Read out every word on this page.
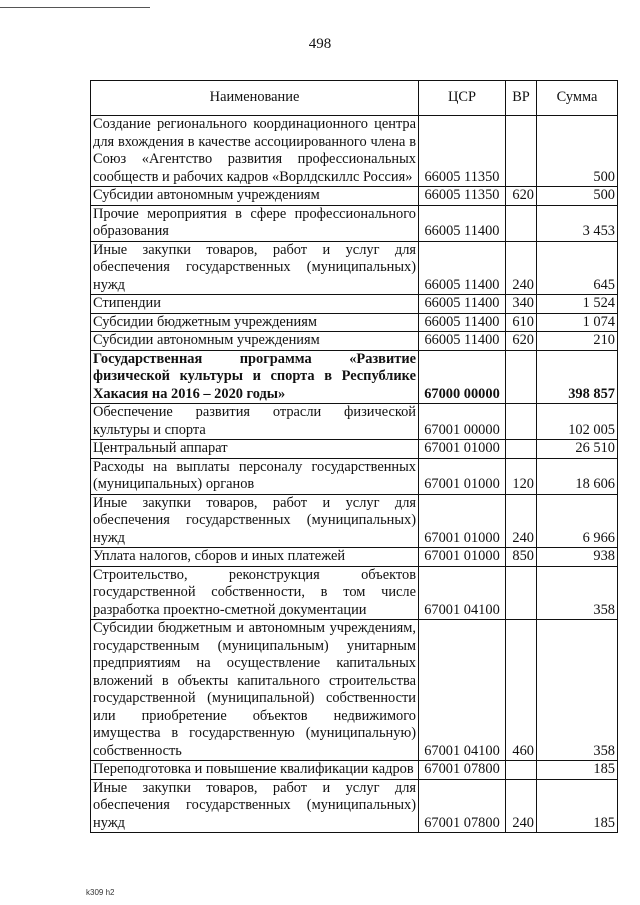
498
Наименование	ЦСР	ВР	Сумма
Создание регионального координационного центра для вхождения в качестве ассоциированного члена в Союз «Агентство развития профессиональных сообществ и рабочих кадров «Ворлдскиллс Россия»	66005 11350		500
Субсидии автономным учреждениям	66005 11350	620	500
Прочие мероприятия в сфере профессионального образования	66005 11400		3 453
Иные закупки товаров, работ и услуг для обеспечения государственных (муниципальных) нужд	66005 11400	240	645
Стипендии	66005 11400	340	1 524
Субсидии бюджетным учреждениям	66005 11400	610	1 074
Субсидии автономным учреждениям	66005 11400	620	210
Государственная программа «Развитие физической культуры и спорта в Республике Хакасия на 2016 – 2020 годы»	67000 00000		398 857
Обеспечение развития отрасли физической культуры и спорта	67001 00000		102 005
Центральный аппарат	67001 01000		26 510
Расходы на выплаты персоналу государственных (муниципальных) органов	67001 01000	120	18 606
Иные закупки товаров, работ и услуг для обеспечения государственных (муниципальных) нужд	67001 01000	240	6 966
Уплата налогов, сборов и иных платежей	67001 01000	850	938
Строительство, реконструкция объектов государственной собственности, в том числе разработка проектно-сметной документации	67001 04100		358
Субсидии бюджетным и автономным учреждениям, государственным (муниципальным) унитарным предприятиям на осуществление капитальных вложений в объекты капитального строительства государственной (муниципальной) собственности или приобретение объектов недвижимого имущества в государственную (муниципальную) собственность	67001 04100	460	358
Переподготовка и повышение квалификации кадров	67001 07800		185
Иные закупки товаров, работ и услуг для обеспечения государственных (муниципальных) нужд	67001 07800	240	185
k309 h2
